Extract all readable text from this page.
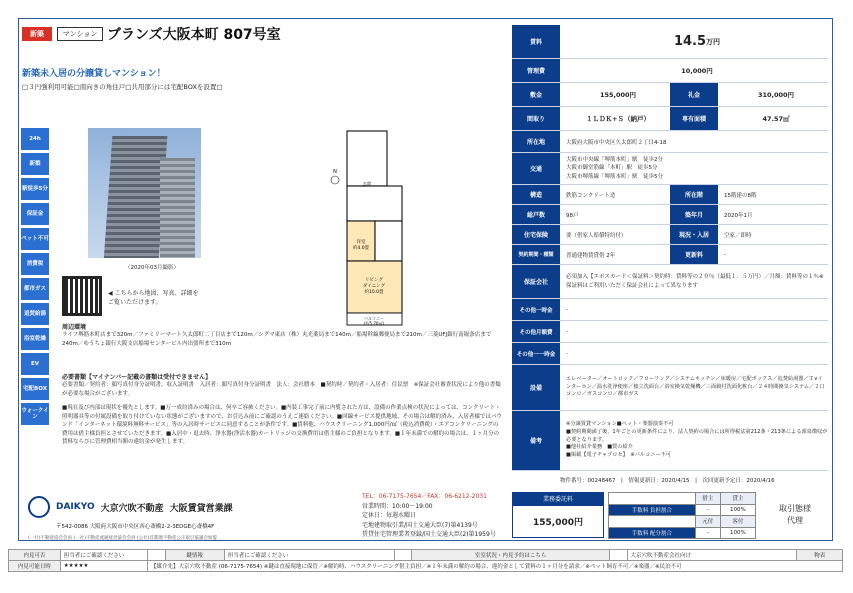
新築	マンション ブランズ大阪本町 807号室
新築未入居の分譲貸しマンション！
□３円強利用可能□南向きの角住戸□共用部分には宅配BOXを設置□
24h
新築
駅徒歩5分
保証金
ペット不可
消費税
都市ガス
追焚給湯
浴室乾燥
EV
宅配BOX
ウォークイン
（2020年03月撮影）
N
玄関
洋室
約4.0畳
リビング
ダイニング
約10.0畳
バルコニー
(約5.70㎡)
◀ こちらから地図、写真、詳細を
ご覧いただけます。
周辺環境
ライフ堺筋本町店まで320m／ファミリーマート久太郎町二丁目店まで120m／シグマ東店（株）丸光薬局まで140m／船場幹線郵便局まで210m／三菱UFJ銀行南堀条店まで240m／ゆうちょ銀行大阪支店船場センタービル内出張所まで310m
必要書類【マイナンバー記載の書類は受付できません】
必要書類／契約者：顔写真付身分証明書、収入証明書　入居者：顔写真付身分証明書　法人：会社謄本　■契約時／契約者・入居者：住民票　※保証会社審査状況により他の書類が必要な場合がございます。
■現在及び内部は現状を優先とします。■万一成約済みの場合は、何卒ご容赦ください。■内装工事完了前に内覧された方は、設備の作業点検の状況によっては、コンクリート・照明器具等の付属設備を取り付けていない状態がございますので、お引込み前にご確認のうえご連絡ください。■回線サービス提供地域、その場合は解約済み、入居者様ではバウンド「インターネット環境料無料サービス」等の入居時サービスに同意することが条件です。■賃料他、ハウスクリーニング1,000円/㎡（税込消費税）・エアコンクリーニングの費用は借主様負担とさせていただきます。■入居中・退去時、浄水器(浄活水器)カートリッジの交換費用は借主様のご負担となります。■１年未満での解約の場合は、１ヶ月分の賃料ならびに管理費相当額の違約金が発生します。
賃料	14.5 万円
管理費	10,000円
敷金	155,000円	礼金	310,000円
間取り	１ＬＤＫ+Ｓ（納戸）	専有面積	47.57㎡
所在地	大阪府大阪市中央区久太郎町２丁目4-18
交通
大阪市中央線「堺筋本町」駅　徒歩2分
大阪市御堂筋線「本町」駅　徒歩5分
大阪市堺筋線「堺筋本町」駅　徒歩5分
構造	鉄筋コンクリート造	所在階	15階建の8階
総戸数	98戸	築年月	2020年1月
住宅保険	要（借家人賠償特約付）	現況・入居	空家／即時
契約期間・種類	普通建物賃貸借 2年	更新料	-
保証会社
必須加入【エポスカード＜保証料＞契約時：賃料等の２０％（最低１．５万円）／月額：賃料等の１％※保証料はご利用いただく保証会社によって異なります
その他一時金	-
その他月額費	-
その他一一時金	-
設備
エレベーター／オートロック／フローリング／システムキッチン／床暖房／宅配ボックス／追焚給湯器／Ｔ∨インターホン／温水洗浄便座／独立洗面台／浴室換気乾燥機／三面鏡付洗面化粧台／２４時間換気システム／２口コンロ／ガスコンロ／都市ガス
備考
※分譲賃貸マンション■ペット・楽器演奏不可
■契約期間満了後、1年ごとの更新条件により、法人契約の場合には所得税法第212条・213条による源泉徴収が必要となります。
■他社紹介業務　■質の紹介
■掲載【電子チャプロセ】　※バルコニー不可
物件番号：00248467　|　情報更新日：2020/4/15　|　次回更新予定日：2020/4/16
DAIKYO 大京穴吹不動産 大阪賃貸営業課
〒542-0086 大阪府大阪市中央区西心斎橋2-2-3EDGE心斎橋4F
(一社)不動産協会会員 (一社)不動産流通経営協会会員 (公社)首都圏不動産公正取引協議会加盟
TEL：06-7175-7654／FAX：06-6212-2031
営業時間：10:00～19:00
定休日：毎週水曜日
宅地建物取引業/国土交通大臣(7)第4139号
賃貸住宅管理業者登録/国土交通大臣(2)第1959号
業務委託料
155,000円
	借主	貸主
手数料 負担割合	-	100%
	元付	客付
手数料 配分割合	-	100%
取引態様
代理
内見可否	担当者にご確認ください		鍵情報	担当者にご確認ください		室室状況・内見予約はこちら		大京穴吹不動産会社向け	物表
内見可能日時	★★★★★	【媒介先】大京穴吹不動産 (06-7175-7654) ※鍵は直接現地に保管／※解約時、ハウスクリーニング借主負担／※１年未満の解約の場合、違約金として賃料の１ヶ月分を請求／※ペット飼育不可／※楽器／※民泊不可							
